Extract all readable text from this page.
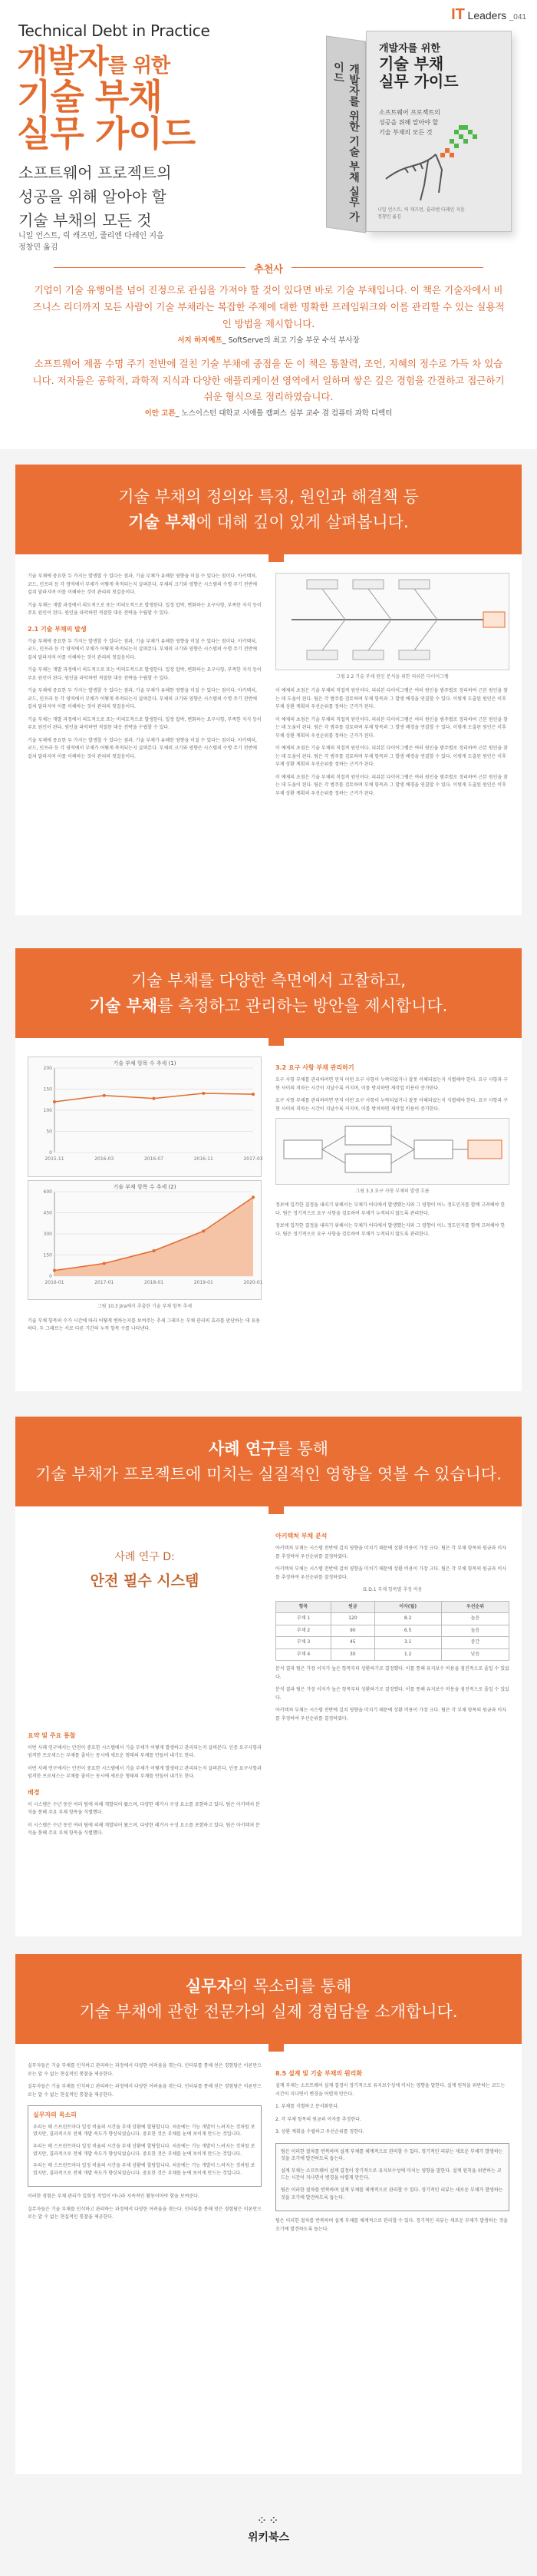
IT Leaders _041
Technical Debt in Practice
개발자를 위한
기술 부채
실무 가이드
소프트웨어 프로젝트의
성공을 위해 알아야 할
기술 부채의 모든 것	개발자를 위한 기술 부채 실무 가이드
개발자를 위한
기술 부채
실무 가이드
소프트웨어 프로젝트의
성공을 위해 알아야 할
기술 부채의 모든 것
니일 언스트, 릭 캐즈먼, 줄리엔 다레인 지음
정창민 옮김
니일 언스트, 릭 캐즈먼, 줄리엔 다레인 지음
정창민 옮김
추천사
기업이 기술 유행어를 넘어 진정으로 관심을 가져야 할 것이 있다면 바로 기술 부채입니다. 이 책은 기술자에서 비즈니스 리더까지 모든 사람이 기술 부채라는 복잡한 주제에 대한 명확한 프레임워크와 이를 관리할 수 있는 실용적인 방법을 제시합니다.
서지 하지예프_ SoftServe의 최고 기술 부문 수석 부사장
소프트웨어 제품 수명 주기 전반에 걸친 기술 부채에 중점을 둔 이 책은 통찰력, 조언, 지혜의 정수로 가득 차 있습니다. 저자들은 공학적, 과학적 지식과 다양한 애플리케이션 영역에서 일하며 쌓은 깊은 경험을 간결하고 접근하기 쉬운 형식으로 정리하였습니다.
이안 고튼_ 노스이스턴 대학교 시애틀 캠퍼스 심부 교수 겸 컴퓨터 과학 디렉터
기술 부채의 정의와 특징, 원인과 해결책 등
기술 부채에 대해 깊이 있게 살펴봅니다.
기술 부채에 중요한 두 가지는 발생할 수 있다는 점과, 기술 부채가 유해한 영향을 미칠 수 있다는 점이다. 아키텍처, 코드, 인프라 등 각 영역에서 부채가 어떻게 축적되는지 살펴본다. 부채의 크기와 영향은 시스템의 수명 주기 전반에 걸쳐 달라지며 이를 이해하는 것이 관리의 첫걸음이다.
기술 부채는 개발 과정에서 의도적으로 또는 비의도적으로 발생한다. 일정 압박, 변화하는 요구사항, 부족한 지식 등이 주요 원인이 된다. 원인을 파악하면 적절한 대응 전략을 수립할 수 있다.
2.1 기술 부채의 발생
기술 부채에 중요한 두 가지는 발생할 수 있다는 점과, 기술 부채가 유해한 영향을 미칠 수 있다는 점이다. 아키텍처, 코드, 인프라 등 각 영역에서 부채가 어떻게 축적되는지 살펴본다. 부채의 크기와 영향은 시스템의 수명 주기 전반에 걸쳐 달라지며 이를 이해하는 것이 관리의 첫걸음이다.
기술 부채는 개발 과정에서 의도적으로 또는 비의도적으로 발생한다. 일정 압박, 변화하는 요구사항, 부족한 지식 등이 주요 원인이 된다. 원인을 파악하면 적절한 대응 전략을 수립할 수 있다.
기술 부채에 중요한 두 가지는 발생할 수 있다는 점과, 기술 부채가 유해한 영향을 미칠 수 있다는 점이다. 아키텍처, 코드, 인프라 등 각 영역에서 부채가 어떻게 축적되는지 살펴본다. 부채의 크기와 영향은 시스템의 수명 주기 전반에 걸쳐 달라지며 이를 이해하는 것이 관리의 첫걸음이다.
기술 부채는 개발 과정에서 의도적으로 또는 비의도적으로 발생한다. 일정 압박, 변화하는 요구사항, 부족한 지식 등이 주요 원인이 된다. 원인을 파악하면 적절한 대응 전략을 수립할 수 있다.
기술 부채에 중요한 두 가지는 발생할 수 있다는 점과, 기술 부채가 유해한 영향을 미칠 수 있다는 점이다. 아키텍처, 코드, 인프라 등 각 영역에서 부채가 어떻게 축적되는지 살펴본다. 부채의 크기와 영향은 시스템의 수명 주기 전반에 걸쳐 달라지며 이를 이해하는 것이 관리의 첫걸음이다.
그림 2.2 기술 부채 원인 분석을 위한 피쉬본 다이어그램
이 예제의 초점은 기술 부채의 직접적 원인이다. 피쉬본 다이어그램은 여러 원인을 범주별로 정리하여 근본 원인을 찾는 데 도움이 된다. 팀은 각 범주를 검토하며 부채 항목과 그 발생 배경을 연결할 수 있다. 이렇게 도출된 원인은 이후 부채 상환 계획의 우선순위를 정하는 근거가 된다.
이 예제의 초점은 기술 부채의 직접적 원인이다. 피쉬본 다이어그램은 여러 원인을 범주별로 정리하여 근본 원인을 찾는 데 도움이 된다. 팀은 각 범주를 검토하며 부채 항목과 그 발생 배경을 연결할 수 있다. 이렇게 도출된 원인은 이후 부채 상환 계획의 우선순위를 정하는 근거가 된다.
이 예제의 초점은 기술 부채의 직접적 원인이다. 피쉬본 다이어그램은 여러 원인을 범주별로 정리하여 근본 원인을 찾는 데 도움이 된다. 팀은 각 범주를 검토하며 부채 항목과 그 발생 배경을 연결할 수 있다. 이렇게 도출된 원인은 이후 부채 상환 계획의 우선순위를 정하는 근거가 된다.
이 예제의 초점은 기술 부채의 직접적 원인이다. 피쉬본 다이어그램은 여러 원인을 범주별로 정리하여 근본 원인을 찾는 데 도움이 된다. 팀은 각 범주를 검토하며 부채 항목과 그 발생 배경을 연결할 수 있다. 이렇게 도출된 원인은 이후 부채 상환 계획의 우선순위를 정하는 근거가 된다.
기술 부채를 다양한 측면에서 고찰하고,
기술 부채를 측정하고 관리하는 방안을 제시합니다.
기술 부채 항목 수 추세 (1)
0
50
100
150
200
2015-11	2016-03	2016-07	2016-11	2017-03
기술 부채 항목 수 추세 (2)
0
150
300
450
600
2016-01	2017-01	2018-01	2019-01	2020-01
그림 10.3 Jira에서 추출한 기술 부채 항목 추세
기술 부채 항목의 수가 시간에 따라 어떻게 변하는지를 보여주는 추세 그래프는 부채 관리의 효과를 판단하는 데 유용하다. 두 그래프는 서로 다른 기간의 누적 항목 수를 나타낸다.
3.2 요구 사항 부채 관리하기
요구 사항 부채를 관리하려면 먼저 어떤 요구 사항이 누락되었거나 잘못 이해되었는지 식별해야 한다. 요구 사항과 구현 사이의 격차는 시간이 지날수록 커지며, 이를 방치하면 재작업 비용이 증가한다.
요구 사항 부채를 관리하려면 먼저 어떤 요구 사항이 누락되었거나 잘못 이해되었는지 식별해야 한다. 요구 사항과 구현 사이의 격차는 시간이 지날수록 커지며, 이를 방치하면 재작업 비용이 증가한다.
그림 3.3 요구 사항 부채의 발생 흐름
정보에 입각한 결정을 내리기 위해서는 부채가 어디에서 발생했는지와 그 영향이 어느 정도인지를 함께 고려해야 한다. 팀은 정기적으로 요구 사항을 검토하여 부채가 누적되지 않도록 관리한다.
정보에 입각한 결정을 내리기 위해서는 부채가 어디에서 발생했는지와 그 영향이 어느 정도인지를 함께 고려해야 한다. 팀은 정기적으로 요구 사항을 검토하여 부채가 누적되지 않도록 관리한다.
사례 연구를 통해
기술 부채가 프로젝트에 미치는 실질적인 영향을 엿볼 수 있습니다.
사례 연구 D:
안전 필수 시스템
요약 및 주요 통찰
이번 사례 연구에서는 안전이 중요한 시스템에서 기술 부채가 어떻게 발생하고 관리되는지 살펴본다. 인증 요구사항과 엄격한 프로세스는 부채를 줄이는 동시에 새로운 형태의 부채를 만들어 내기도 한다.
이번 사례 연구에서는 안전이 중요한 시스템에서 기술 부채가 어떻게 발생하고 관리되는지 살펴본다. 인증 요구사항과 엄격한 프로세스는 부채를 줄이는 동시에 새로운 형태의 부채를 만들어 내기도 한다.
배경
이 시스템은 수년 동안 여러 팀에 의해 개발되어 왔으며, 다양한 레거시 구성 요소를 포함하고 있다. 팀은 아키텍처 분석을 통해 주요 부채 항목을 식별했다.
이 시스템은 수년 동안 여러 팀에 의해 개발되어 왔으며, 다양한 레거시 구성 요소를 포함하고 있다. 팀은 아키텍처 분석을 통해 주요 부채 항목을 식별했다.
아키텍처 부채 분석
아키텍처 부채는 시스템 전반에 걸쳐 영향을 미치기 때문에 상환 비용이 가장 크다. 팀은 각 부채 항목의 원금과 이자를 추정하여 우선순위를 결정하였다.
아키텍처 부채는 시스템 전반에 걸쳐 영향을 미치기 때문에 상환 비용이 가장 크다. 팀은 각 부채 항목의 원금과 이자를 추정하여 우선순위를 결정하였다.
표 D.1 부채 항목별 추정 비용
항목	원금	이자(월)	우선순위
부채 1	120	8.2	높음
부채 2	90	6.5	높음
부채 3	45	3.1	중간
부채 4	30	1.2	낮음
분석 결과 팀은 가장 이자가 높은 항목부터 상환하기로 결정했다. 이를 통해 유지보수 비용을 점진적으로 줄일 수 있었다.
분석 결과 팀은 가장 이자가 높은 항목부터 상환하기로 결정했다. 이를 통해 유지보수 비용을 점진적으로 줄일 수 있었다.
아키텍처 부채는 시스템 전반에 걸쳐 영향을 미치기 때문에 상환 비용이 가장 크다. 팀은 각 부채 항목의 원금과 이자를 추정하여 우선순위를 결정하였다.
실무자의 목소리를 통해
기술 부채에 관한 전문가의 실제 경험담을 소개합니다.
실무자들은 기술 부채를 인식하고 관리하는 과정에서 다양한 어려움을 겪는다. 인터뷰를 통해 얻은 경험담은 이론만으로는 알 수 없는 현실적인 통찰을 제공한다.
실무자들은 기술 부채를 인식하고 관리하는 과정에서 다양한 어려움을 겪는다. 인터뷰를 통해 얻은 경험담은 이론만으로는 알 수 없는 현실적인 통찰을 제공한다.
실무자의 목소리
우리는 매 스프린트마다 일정 비율의 시간을 부채 상환에 할당합니다. 처음에는 기능 개발이 느려지는 것처럼 보였지만, 결과적으로 전체 개발 속도가 향상되었습니다. 중요한 것은 부채를 눈에 보이게 만드는 것입니다.
우리는 매 스프린트마다 일정 비율의 시간을 부채 상환에 할당합니다. 처음에는 기능 개발이 느려지는 것처럼 보였지만, 결과적으로 전체 개발 속도가 향상되었습니다. 중요한 것은 부채를 눈에 보이게 만드는 것입니다.
우리는 매 스프린트마다 일정 비율의 시간을 부채 상환에 할당합니다. 처음에는 기능 개발이 느려지는 것처럼 보였지만, 결과적으로 전체 개발 속도가 향상되었습니다. 중요한 것은 부채를 눈에 보이게 만드는 것입니다.
이러한 경험은 부채 관리가 일회성 작업이 아니라 지속적인 활동이어야 함을 보여준다.
실무자들은 기술 부채를 인식하고 관리하는 과정에서 다양한 어려움을 겪는다. 인터뷰를 통해 얻은 경험담은 이론만으로는 알 수 없는 현실적인 통찰을 제공한다.
8.5 설계 및 기술 부채의 원리화
설계 부채는 소프트웨어 설계 결정이 장기적으로 유지보수성에 미치는 영향을 말한다. 설계 원칙을 위반하는 코드는 시간이 지나면서 변경을 어렵게 만든다.
1. 부채를 식별하고 문서화한다.
2. 각 부채 항목의 원금과 이자를 추정한다.
3. 상환 계획을 수립하고 우선순위를 정한다.
팀은 이러한 절차를 반복하며 설계 부채를 체계적으로 관리할 수 있다. 정기적인 리뷰는 새로운 부채가 발생하는 것을 조기에 발견하도록 돕는다.
설계 부채는 소프트웨어 설계 결정이 장기적으로 유지보수성에 미치는 영향을 말한다. 설계 원칙을 위반하는 코드는 시간이 지나면서 변경을 어렵게 만든다.
팀은 이러한 절차를 반복하며 설계 부채를 체계적으로 관리할 수 있다. 정기적인 리뷰는 새로운 부채가 발생하는 것을 조기에 발견하도록 돕는다.
팀은 이러한 절차를 반복하며 설계 부채를 체계적으로 관리할 수 있다. 정기적인 리뷰는 새로운 부채가 발생하는 것을 조기에 발견하도록 돕는다.
⁘⁘
위키북스
